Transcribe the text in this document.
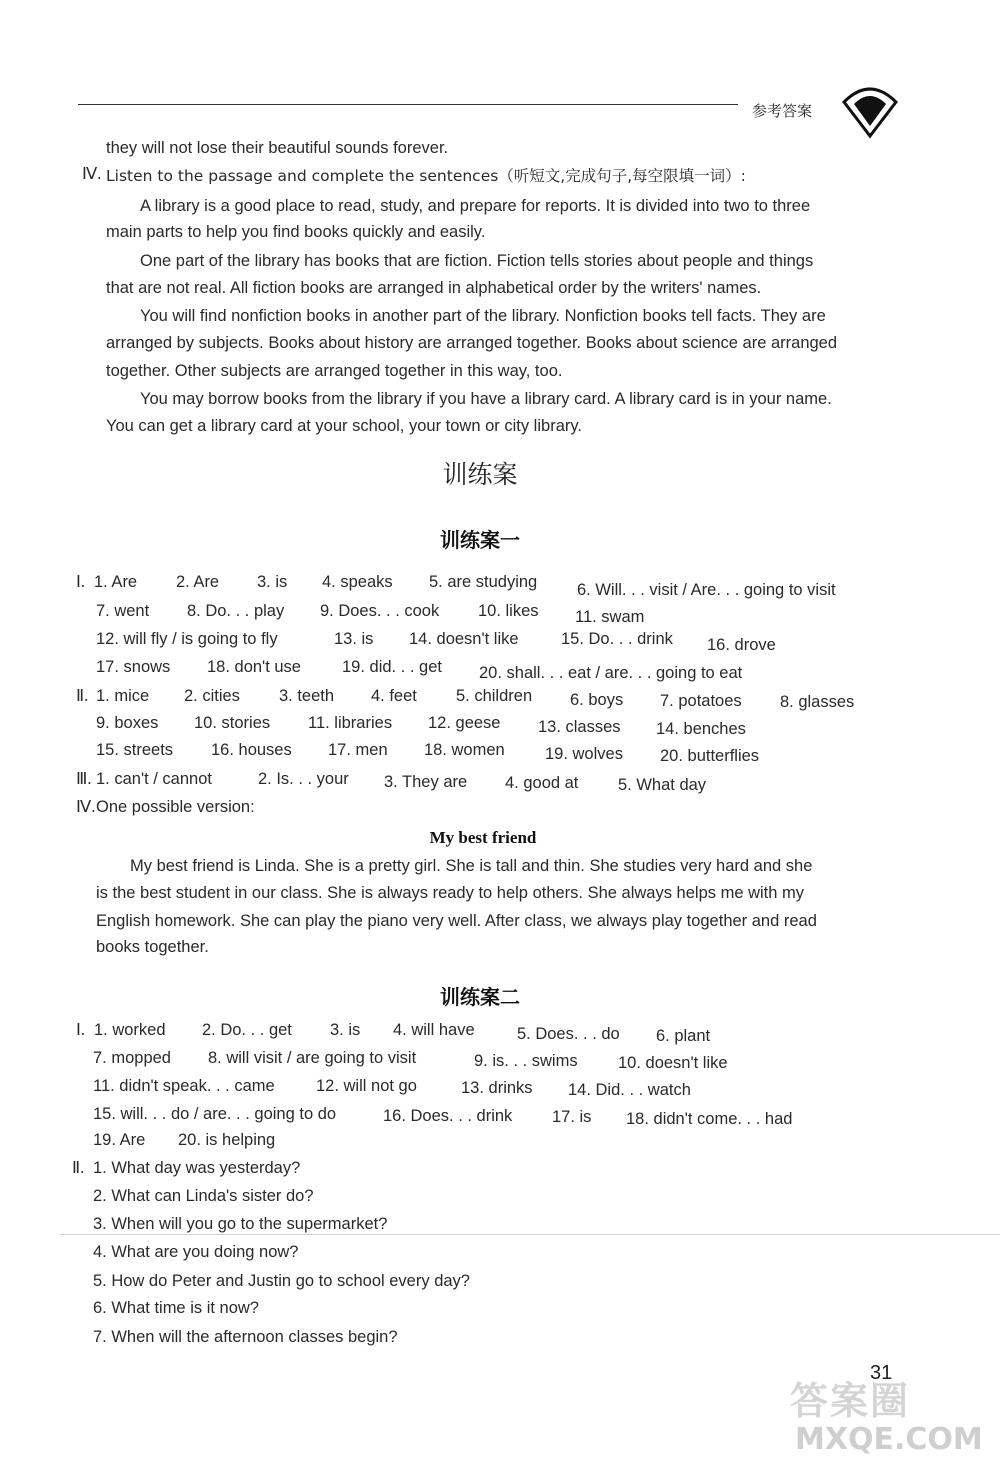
参考答案
they will not lose their beautiful sounds forever.
Ⅳ. Listen to the passage and complete the sentences（听短文,完成句子,每空限填一词）:
A library is a good place to read, study, and prepare for reports. It is divided into two to three
main parts to help you find books quickly and easily.
One part of the library has books that are fiction. Fiction tells stories about people and things
that are not real. All fiction books are arranged in alphabetical order by the writers' names.
You will find nonfiction books in another part of the library. Nonfiction books tell facts. They are
arranged by subjects. Books about history are arranged together. Books about science are arranged
together. Other subjects are arranged together in this way, too.
You may borrow books from the library if you have a library card. A library card is in your name.
You can get a library card at your school, your town or city library.
训练案
训练案一
Ⅰ. 1. Are 2. Are 3. is 4. speaks 5. are studying 6. Will. . . visit / Are. . . going to visit
7. went 8. Do. . . play 9. Does. . . cook 10. likes 11. swam
12. will fly / is going to fly	13. is 14. doesn't like	15. Do. . . drink 16. drove
17. snows 18. don't use 19. did. . . get 20. shall. . . eat / are. . . going to eat
Ⅱ. 1. mice 2. cities 3. teeth 4. feet 5. children 6. boys 7. potatoes 8. glasses
9. boxes 10. stories 11. libraries 12. geese 13. classes 14. benches
15. streets 16. houses 17. men 18. women 19. wolves 20. butterflies
Ⅲ. 1. can't / cannot	2. Is. . . your 3. They are 4. good at 5. What day
Ⅳ. One possible version:
My best friend
My best friend is Linda. She is a pretty girl. She is tall and thin. She studies very hard and she
is the best student in our class. She is always ready to help others. She always helps me with my
English homework. She can play the piano very well. After class, we always play together and read
books together.
训练案二
Ⅰ. 1. worked 2. Do. . . get 3. is 4. will have	5. Does. . . do 6. plant
7. mopped 8. will visit / are going to visit	9. is. . . swims 10. doesn't like
11. didn't speak. . . came	12. will not go	13. drinks 14. Did. . . watch
15. will. . . do / are. . . going to do	16. Does. . . drink 17. is 18. didn't come. . . had
19. Are 20. is helping
Ⅱ. 1. What day was yesterday?
2. What can Linda's sister do?
3. When will you go to the supermarket?
4. What are you doing now?
5. How do Peter and Justin go to school every day?
6. What time is it now?
7. When will the afternoon classes begin?
31
答案圈
MXQE.COM
